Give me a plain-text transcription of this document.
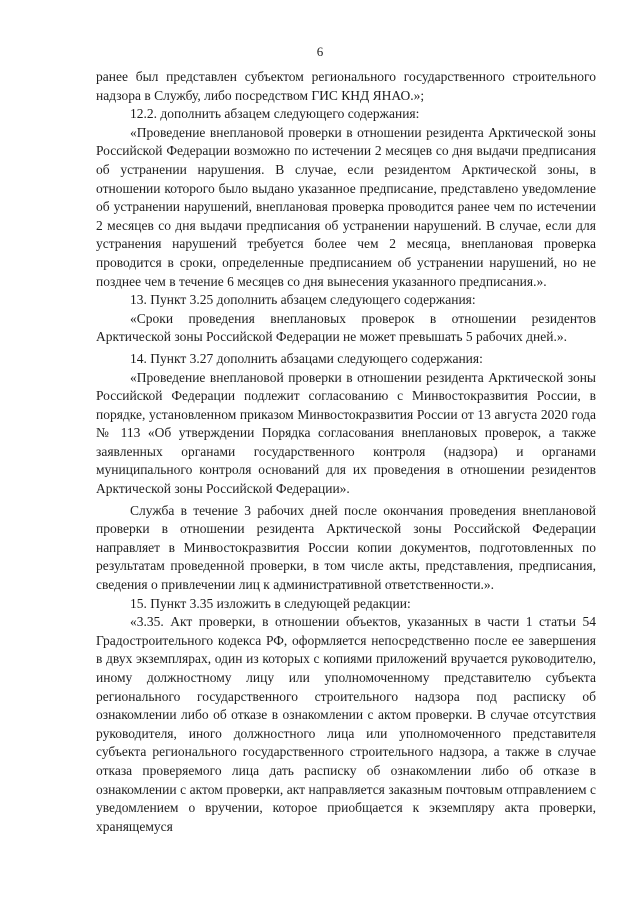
6

ранее был представлен субъектом регионального государственного строительного надзора в Службу, либо посредством ГИС КНД ЯНАО.»;

12.2. дополнить абзацем следующего содержания:

«Проведение внеплановой проверки в отношении резидента Арктической зоны Российской Федерации возможно по истечении 2 месяцев со дня выдачи предписания об устранении нарушения. В случае, если резидентом Арктической зоны, в отношении которого было выдано указанное предписание, представлено уведомление об устранении нарушений, внеплановая проверка проводится ранее чем по истечении 2 месяцев со дня выдачи предписания об устранении нарушений. В случае, если для устранения нарушений требуется более чем 2 месяца, внеплановая проверка проводится в сроки, определенные предписанием об устранении нарушений, но не позднее чем в течение 6 месяцев со дня вынесения указанного предписания.».

13. Пункт 3.25 дополнить абзацем следующего содержания:

«Сроки проведения внеплановых проверок в отношении резидентов Арктической зоны Российской Федерации не может превышать 5 рабочих дней.».

14. Пункт 3.27 дополнить абзацами следующего содержания:

«Проведение внеплановой проверки в отношении резидента Арктической зоны Российской Федерации подлежит согласованию с Минвостокразвития России, в порядке, установленном приказом Минвостокразвития России от 13 августа 2020 года № 113 «Об утверждении Порядка согласования внеплановых проверок, а также заявленных органами государственного контроля (надзора) и органами муниципального контроля оснований для их проведения в отношении резидентов Арктической зоны Российской Федерации».

Служба в течение 3 рабочих дней после окончания проведения внеплановой проверки в отношении резидента Арктической зоны Российской Федерации направляет в Минвостокразвития России копии документов, подготовленных по результатам проведенной проверки, в том числе акты, представления, предписания, сведения о привлечении лиц к административной ответственности.».

15. Пункт 3.35 изложить в следующей редакции:

«3.35. Акт проверки, в отношении объектов, указанных в части 1 статьи 54 Градостроительного кодекса РФ, оформляется непосредственно после ее завершения в двух экземплярах, один из которых с копиями приложений вручается руководителю, иному должностному лицу или уполномоченному представителю субъекта регионального государственного строительного надзора под расписку об ознакомлении либо об отказе в ознакомлении с актом проверки. В случае отсутствия руководителя, иного должностного лица или уполномоченного представителя субъекта регионального государственного строительного надзора, а также в случае отказа проверяемого лица дать расписку об ознакомлении либо об отказе в ознакомлении с актом проверки, акт направляется заказным почтовым отправлением с уведомлением о вручении, которое приобщается к экземпляру акта проверки, хранящемуся
